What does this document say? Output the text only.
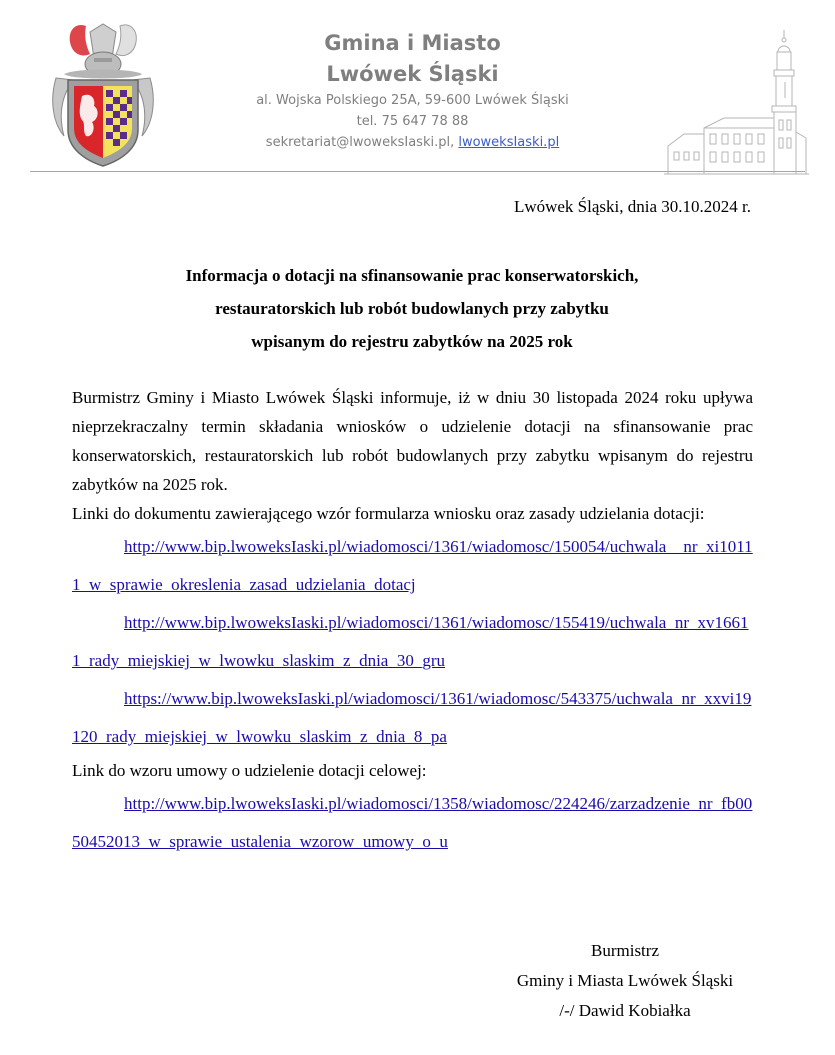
Gmina i Miasto
Lwówek Śląski
al. Wojska Polskiego 25A, 59-600 Lwówek Śląski
tel. 75 647 78 88
sekretariat@lwoweksIaski.pl, lwoweksIaski.pl
Lwówek Śląski, dnia 30.10.2024 r.
Informacja o dotacji na sfinansowanie prac konserwatorskich,
restauratorskich lub robót budowlanych przy zabytku
wpisanym do rejestru zabytków na 2025 rok

Burmistrz Gminy i Miasto Lwówek Śląski informuje, iż w dniu 30 listopada 2024 roku upływa nieprzekraczalny termin składania wniosków o udzielenie dotacji na sfinansowanie prac konserwatorskich, restauratorskich lub robót budowlanych przy zabytku wpisanym do rejestru zabytków na 2025 rok.

Linki do dokumentu zawierającego wzór formularza wniosku oraz zasady udzielania dotacji:

http://www.bip.lwoweksIaski.pl/wiadomosci/1361/wiadomosc/150054/uchwala__nr_xi10111_w_sprawie_okreslenia_zasad_udzielania_dotacj

http://www.bip.lwoweksIaski.pl/wiadomosci/1361/wiadomosc/155419/uchwala_nr_xv16611_rady_miejskiej_w_lwowku_slaskim_z_dnia_30_gru

https://www.bip.lwoweksIaski.pl/wiadomosci/1361/wiadomosc/543375/uchwala_nr_xxvi19120_rady_miejskiej_w_lwowku_slaskim_z_dnia_8_pa

Link do wzoru umowy o udzielenie dotacji celowej:

http://www.bip.lwoweksIaski.pl/wiadomosci/1358/wiadomosc/224246/zarzadzenie_nr_fb0050452013_w_sprawie_ustalenia_wzorow_umowy_o_u

Burmistrz
Gminy i Miasta Lwówek Śląski
/-/ Dawid Kobiałka
